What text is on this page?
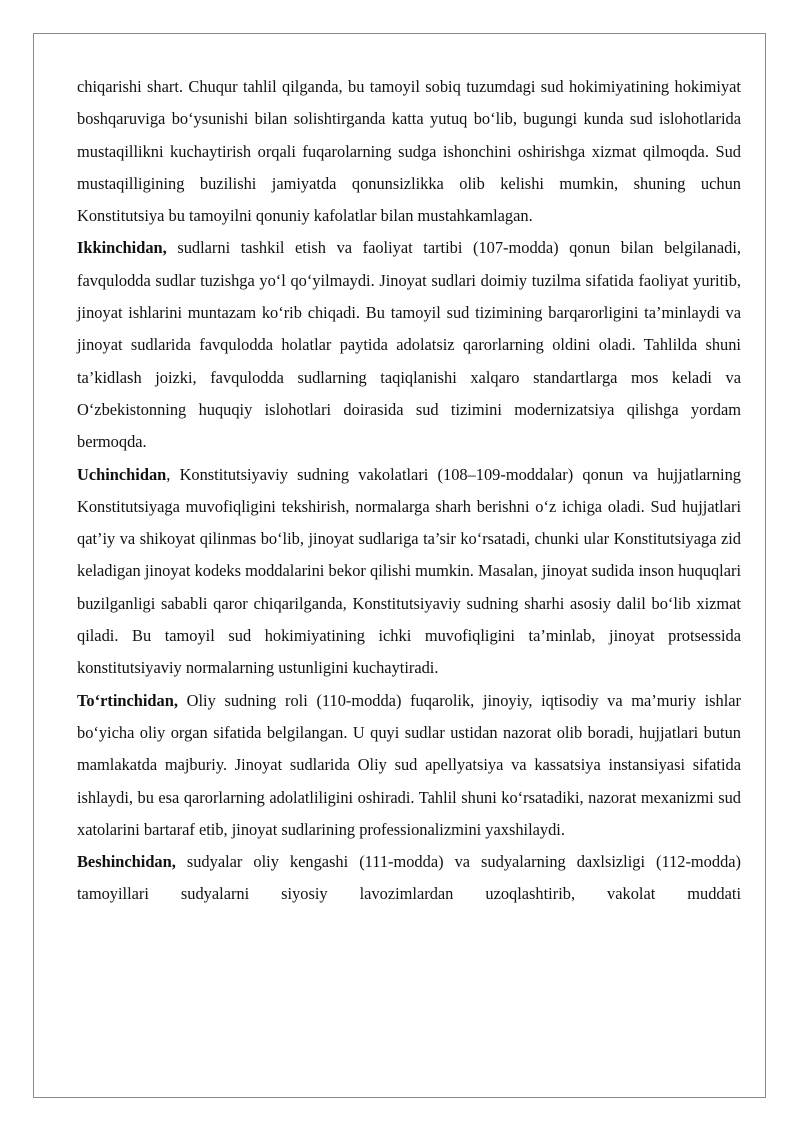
chiqarishi shart. Chuqur tahlil qilganda, bu tamoyil sobiq tuzumdagi sud hokimiyatining hokimiyat boshqaruviga bo‘ysunishi bilan solishtirganda katta yutuq bo‘lib, bugungi kunda sud islohotlarida mustaqillikni kuchaytirish orqali fuqarolarning sudga ishonchini oshirishga xizmat qilmoqda. Sud mustaqilligining buzilishi jamiyatda qonunsizlikka olib kelishi mumkin, shuning uchun Konstitutsiya bu tamoyilni qonuniy kafolatlar bilan mustahkamlagan.

Ikkinchidan, sudlarni tashkil etish va faoliyat tartibi (107-modda) qonun bilan belgilanadi, favqulodda sudlar tuzishga yo‘l qo‘yilmaydi. Jinoyat sudlari doimiy tuzilma sifatida faoliyat yuritib, jinoyat ishlarini muntazam ko‘rib chiqadi. Bu tamoyil sud tizimining barqarorligini ta’minlaydi va jinoyat sudlarida favqulodda holatlar paytida adolatsiz qarorlarning oldini oladi. Tahlilda shuni ta’kidlash joizki, favqulodda sudlarning taqiqlanishi xalqaro standartlarga mos keladi va O‘zbekistonning huquqiy islohotlari doirasida sud tizimini modernizatsiya qilishga yordam bermoqda.

Uchinchidan, Konstitutsiyaviy sudning vakolatlari (108–109-moddalar) qonun va hujjatlarning Konstitutsiyaga muvofiqligini tekshirish, normalarga sharh berishni o‘z ichiga oladi. Sud hujjatlari qat’iy va shikoyat qilinmas bo‘lib, jinoyat sudlariga ta’sir ko‘rsatadi, chunki ular Konstitutsiyaga zid keladigan jinoyat kodeks moddalarini bekor qilishi mumkin. Masalan, jinoyat sudida inson huquqlari buzilganligi sababli qaror chiqarilganda, Konstitutsiyaviy sudning sharhi asosiy dalil bo‘lib xizmat qiladi. Bu tamoyil sud hokimiyatining ichki muvofiqligini ta’minlab, jinoyat protsessida konstitutsiyaviy normalarning ustunligini kuchaytiradi.

To‘rtinchidan, Oliy sudning roli (110-modda) fuqarolik, jinoyiy, iqtisodiy va ma’muriy ishlar bo‘yicha oliy organ sifatida belgilangan. U quyi sudlar ustidan nazorat olib boradi, hujjatlari butun mamlakatda majburiy. Jinoyat sudlarida Oliy sud apellyatsiya va kassatsiya instansiyasi sifatida ishlaydi, bu esa qarorlarning adolatliligini oshiradi. Tahlil shuni ko‘rsatadiki, nazorat mexanizmi sud xatolarini bartaraf etib, jinoyat sudlarining professionalizmini yaxshilaydi.

Beshinchidan, sudyalar oliy kengashi (111-modda) va sudyalarning daxlsizligi (112-modda) tamoyillari sudyalarni siyosiy lavozimlardan uzoqlashtirib, vakolat muddati
